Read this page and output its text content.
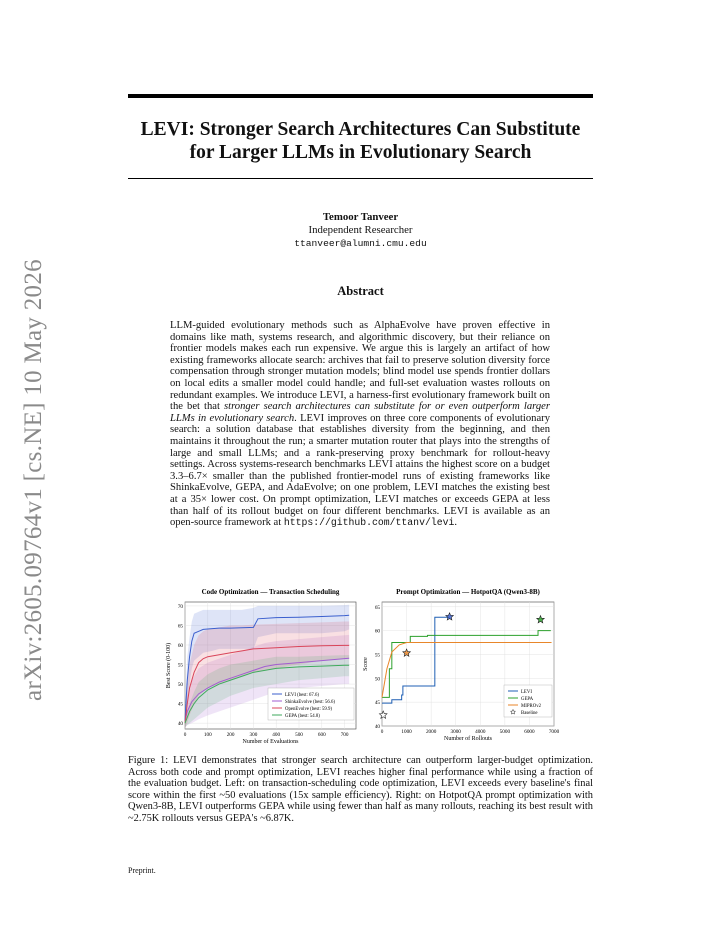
arXiv:2605.09764v1 [cs.NE] 10 May 2026
LEVI: Stronger Search Architectures Can Substitute
for Larger LLMs in Evolutionary Search
Temoor Tanveer
Independent Researcher
ttanveer@alumni.cmu.edu
Abstract
LLM-guided evolutionary methods such as AlphaEvolve have proven effective in domains like math, systems research, and algorithmic discovery, but their reliance on frontier models makes each run expensive. We argue this is largely an artifact of how existing frameworks allocate search: archives that fail to preserve solution diversity force compensation through stronger mutation models; blind model use spends frontier dollars on local edits a smaller model could handle; and full-set evaluation wastes rollouts on redundant examples. We introduce LEVI, a harness-first evolutionary framework built on the bet that stronger search architectures can substitute for or even outperform larger LLMs in evolutionary search. LEVI improves on three core components of evolutionary search: a solution database that establishes diversity from the beginning, and then maintains it throughout the run; a smarter mutation router that plays into the strengths of large and small LLMs; and a rank-preserving proxy benchmark for rollout-heavy settings. Across systems-research benchmarks LEVI attains the highest score on a budget 3.3–6.7× smaller than the published frontier-model runs of existing frameworks like ShinkaEvolve, GEPA, and AdaEvolve; on one problem, LEVI matches the existing best at a 35× lower cost. On prompt optimization, LEVI matches or exceeds GEPA at less than half of its rollout budget on four different benchmarks. LEVI is available as an open-source framework at https://github.com/ttanv/levi.
Code Optimization — Transaction Scheduling
40
45
50
55
60
65
70
0	100	200	300	400	500	600	700
Number of Evaluations
Best Score (0-100)
LEVI (best: 67.6)
ShinkaEvolve (best: 56.6)
OpenEvolve (best: 59.9)
GEPA (best: 54.8)
Prompt Optimization — HotpotQA (Qwen3-8B)
40
45
50
55
60
65
0	1000	2000	3000	4000	5000	6000	7000
Number of Rollouts
Score
LEVI
GEPA
MIPROv2
Baseline
Figure 1: LEVI demonstrates that stronger search architecture can outperform larger-budget optimization. Across both code and prompt optimization, LEVI reaches higher final performance while using a fraction of the evaluation budget. Left: on transaction-scheduling code optimization, LEVI exceeds every baseline's final score within the first ~50 evaluations (15x sample efficiency). Right: on HotpotQA prompt optimization with Qwen3-8B, LEVI outperforms GEPA while using fewer than half as many rollouts, reaching its best result with ~2.75K rollouts versus GEPA's ~6.87K.
Preprint.
